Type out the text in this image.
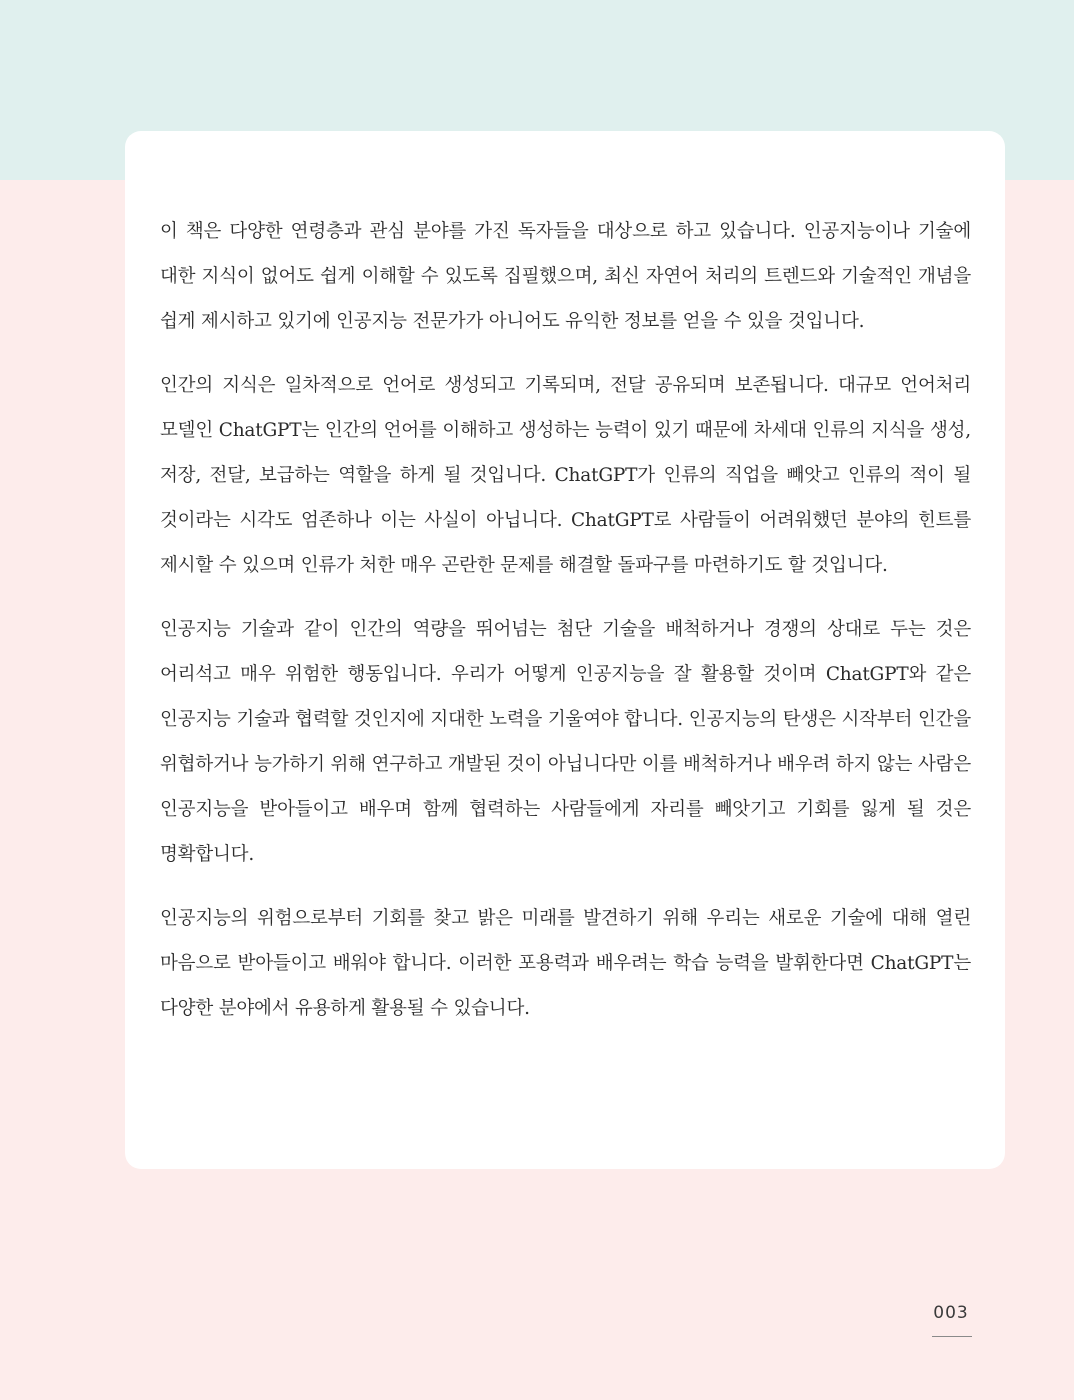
이 책은 다양한 연령층과 관심 분야를 가진 독자들을 대상으로 하고 있습니다. 인공지능이나 기술에 대한 지식이 없어도 쉽게 이해할 수 있도록 집필했으며, 최신 자연어 처리의 트렌드와 기술적인 개념을 쉽게 제시하고 있기에 인공지능 전문가가 아니어도 유익한 정보를 얻을 수 있을 것입니다.

인간의 지식은 일차적으로 언어로 생성되고 기록되며, 전달 공유되며 보존됩니다. 대규모 언어처리 모델인 ChatGPT는 인간의 언어를 이해하고 생성하는 능력이 있기 때문에 차세대 인류의 지식을 생성, 저장, 전달, 보급하는 역할을 하게 될 것입니다. ChatGPT가 인류의 직업을 빼앗고 인류의 적이 될 것이라는 시각도 엄존하나 이는 사실이 아닙니다. ChatGPT로 사람들이 어려워했던 분야의 힌트를 제시할 수 있으며 인류가 처한 매우 곤란한 문제를 해결할 돌파구를 마련하기도 할 것입니다.

인공지능 기술과 같이 인간의 역량을 뛰어넘는 첨단 기술을 배척하거나 경쟁의 상대로 두는 것은 어리석고 매우 위험한 행동입니다. 우리가 어떻게 인공지능을 잘 활용할 것이며 ChatGPT와 같은 인공지능 기술과 협력할 것인지에 지대한 노력을 기울여야 합니다. 인공지능의 탄생은 시작부터 인간을 위협하거나 능가하기 위해 연구하고 개발된 것이 아닙니다만 이를 배척하거나 배우려 하지 않는 사람은 인공지능을 받아들이고 배우며 함께 협력하는 사람들에게 자리를 빼앗기고 기회를 잃게 될 것은 명확합니다.

인공지능의 위험으로부터 기회를 찾고 밝은 미래를 발견하기 위해 우리는 새로운 기술에 대해 열린 마음으로 받아들이고 배워야 합니다. 이러한 포용력과 배우려는 학습 능력을 발휘한다면 ChatGPT는 다양한 분야에서 유용하게 활용될 수 있습니다.

003
